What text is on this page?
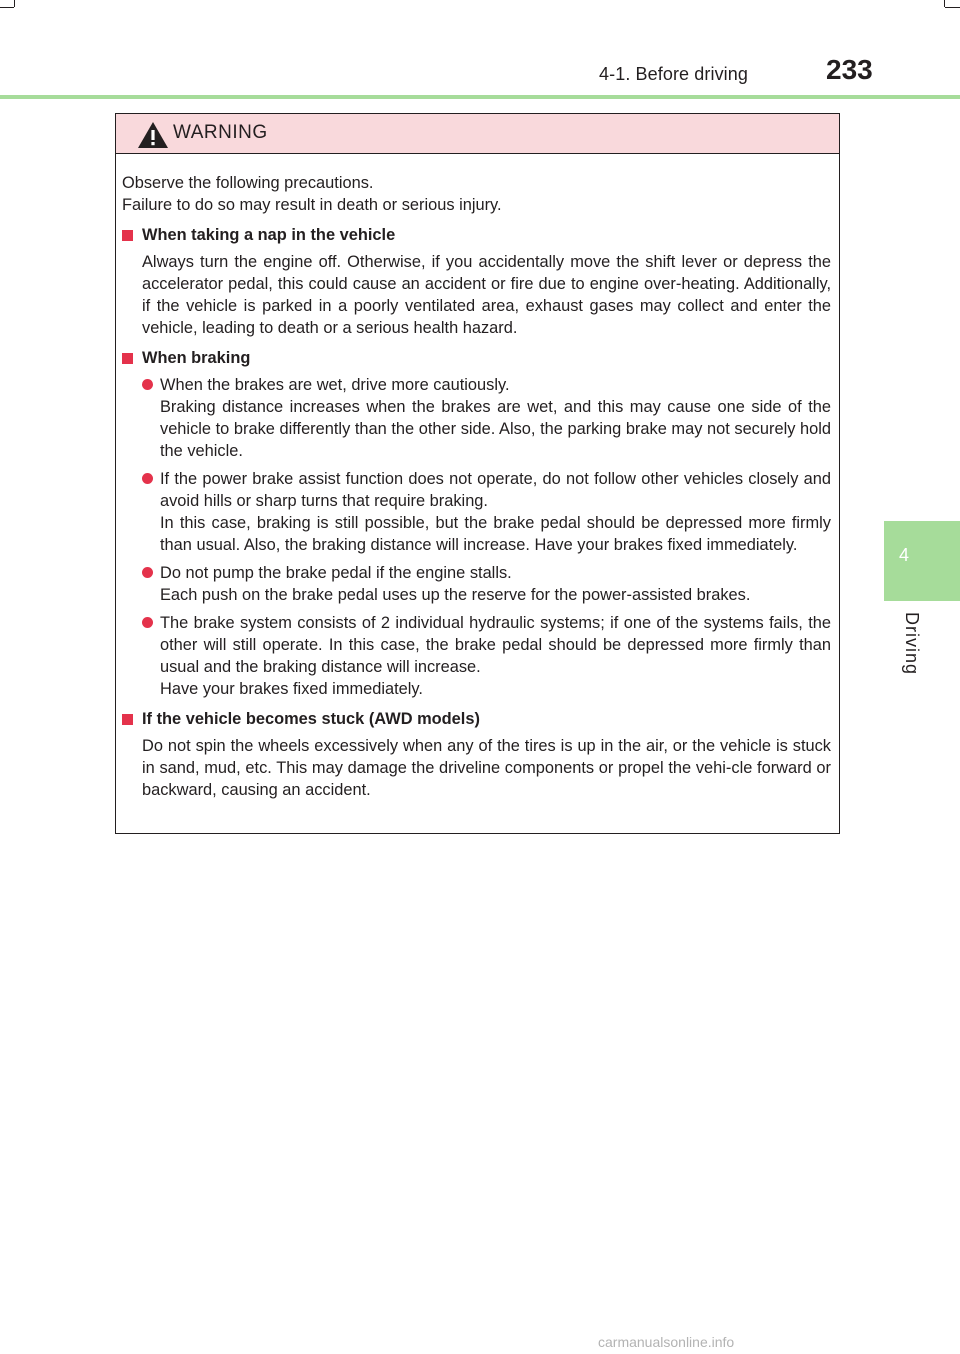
4-1. Before driving	233
4
Driving
WARNING
Observe the following precautions.
Failure to do so may result in death or serious injury.
When taking a nap in the vehicle
Always turn the engine off. Otherwise, if you accidentally move the shift lever or depress the accelerator pedal, this could cause an accident or fire due to engine over-heating. Additionally, if the vehicle is parked in a poorly ventilated area, exhaust gases may collect and enter the vehicle, leading to death or a serious health hazard.
When braking
When the brakes are wet, drive more cautiously.
Braking distance increases when the brakes are wet, and this may cause one side of the vehicle to brake differently than the other side. Also, the parking brake may not securely hold the vehicle.
If the power brake assist function does not operate, do not follow other vehicles closely and avoid hills or sharp turns that require braking.
In this case, braking is still possible, but the brake pedal should be depressed more firmly than usual. Also, the braking distance will increase. Have your brakes fixed immediately.
Do not pump the brake pedal if the engine stalls.
Each push on the brake pedal uses up the reserve for the power-assisted brakes.
The brake system consists of 2 individual hydraulic systems; if one of the systems fails, the other will still operate. In this case, the brake pedal should be depressed more firmly than usual and the braking distance will increase.
Have your brakes fixed immediately.
If the vehicle becomes stuck (AWD models)
Do not spin the wheels excessively when any of the tires is up in the air, or the vehicle is stuck in sand, mud, etc. This may damage the driveline components or propel the vehi-cle forward or backward, causing an accident.
carmanualsonline.info
